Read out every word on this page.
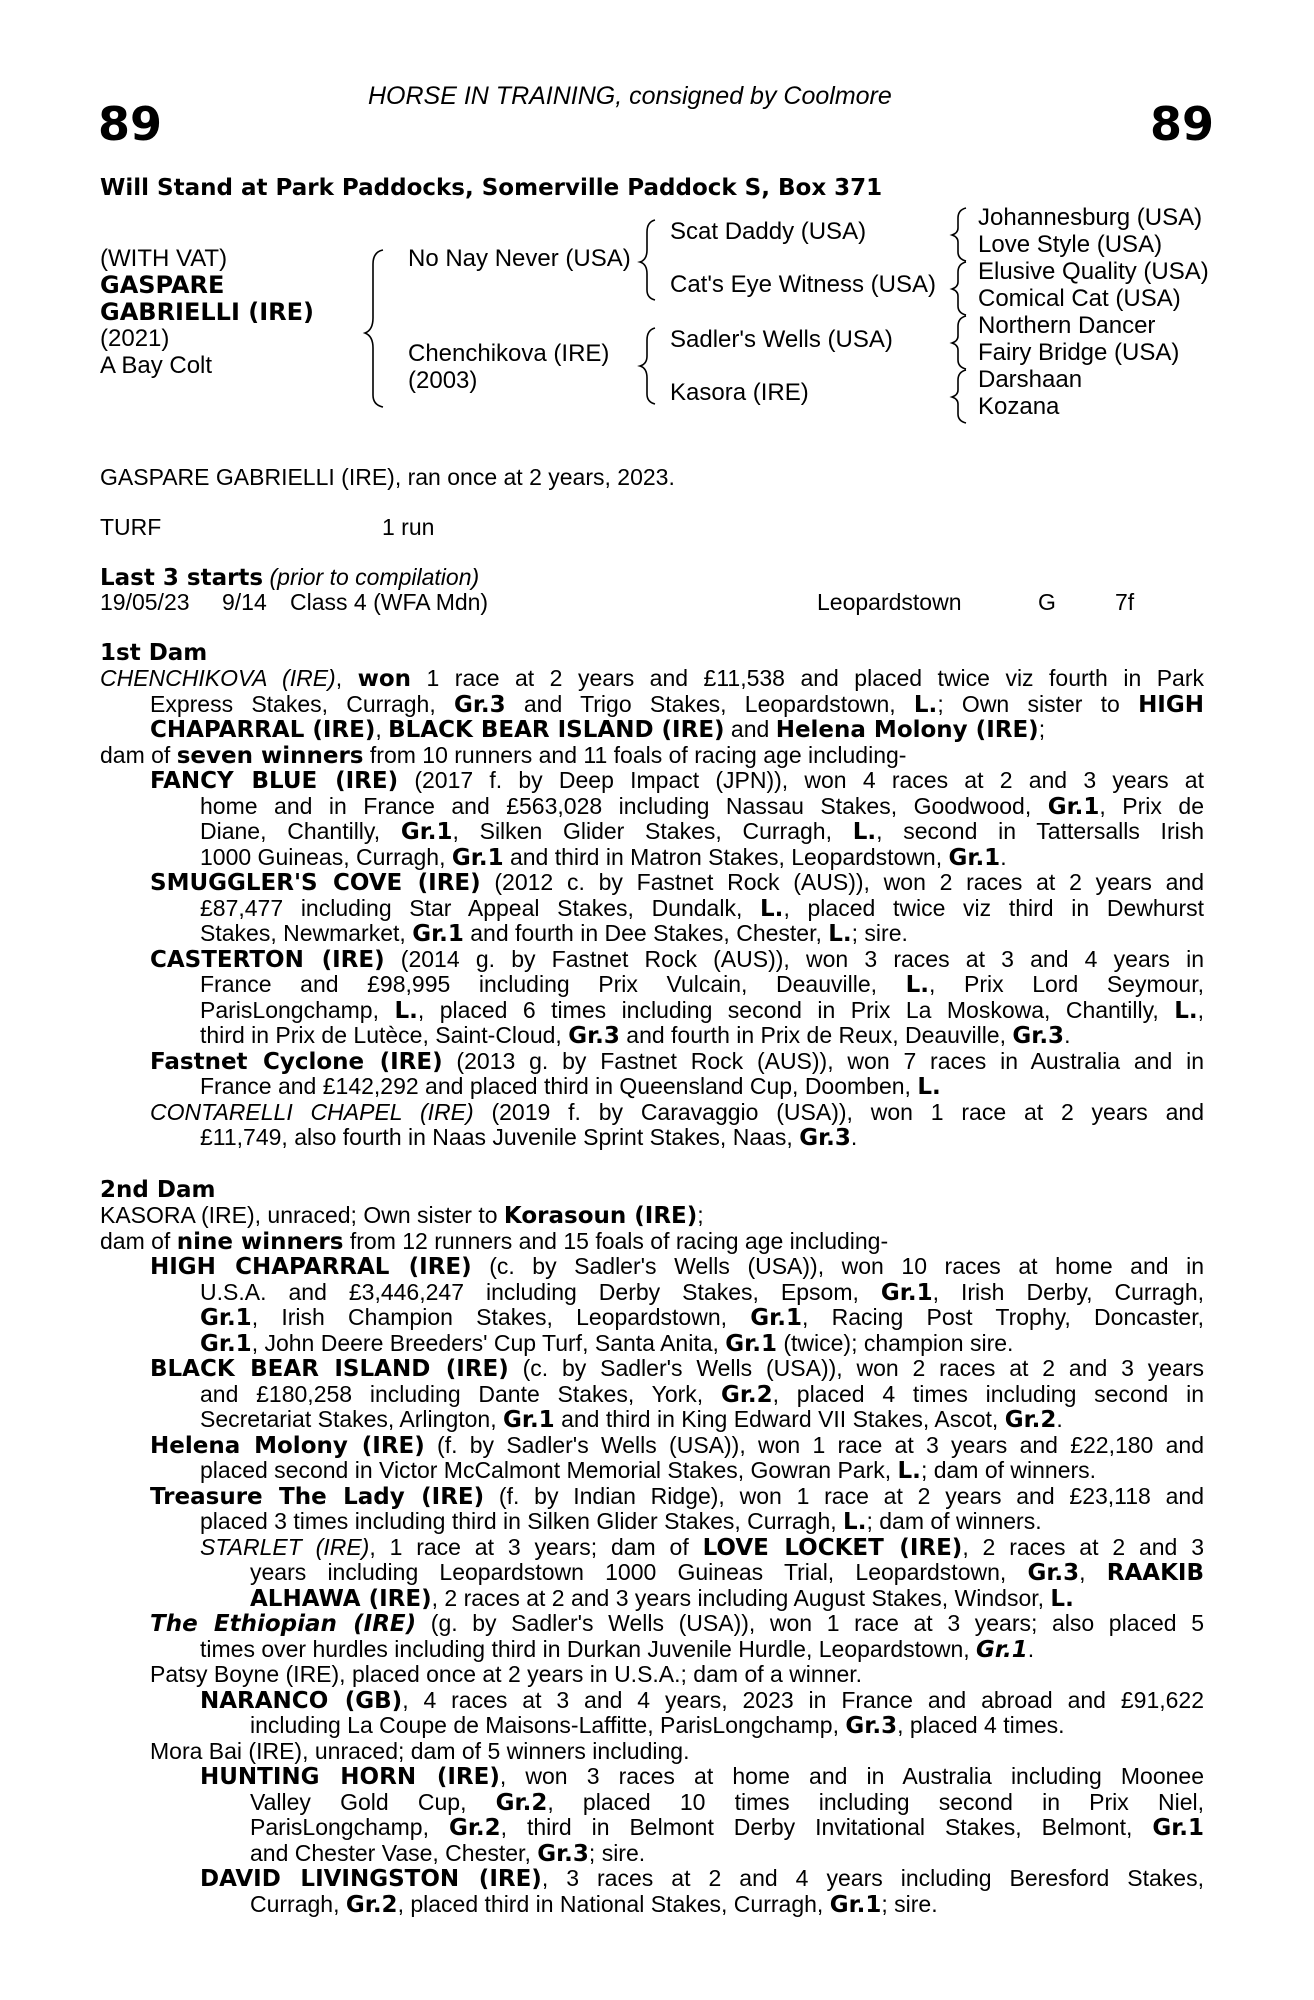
HORSE IN TRAINING, consigned by Coolmore
89	89
Will Stand at Park Paddocks, Somerville Paddock S, Box 371
(WITH VAT)
GASPARE
GABRIELLI (IRE)
(2021)
A Bay Colt
No Nay Never (USA)
Chenchikova (IRE)
(2003)
Scat Daddy (USA)
Cat's Eye Witness (USA)
Sadler's Wells (USA)
Kasora (IRE)
Johannesburg (USA)
Love Style (USA)
Elusive Quality (USA)
Comical Cat (USA)
Northern Dancer
Fairy Bridge (USA)
Darshaan
Kozana
GASPARE GABRIELLI (IRE), ran once at 2 years, 2023.
TURF	1 run
Last 3 starts (prior to compilation)
19/05/23 9/14 Class 4 (WFA Mdn)	Leopardstown	G	7f
1st Dam
CHENCHIKOVA (IRE), won 1 race at 2 years and £11,538 and placed twice viz fourth in Park
Express Stakes, Curragh, Gr.3 and Trigo Stakes, Leopardstown, L.; Own sister to HIGH
CHAPARRAL (IRE), BLACK BEAR ISLAND (IRE) and Helena Molony (IRE);
dam of seven winners from 10 runners and 11 foals of racing age including-
FANCY BLUE (IRE) (2017 f. by Deep Impact (JPN)), won 4 races at 2 and 3 years at
home and in France and £563,028 including Nassau Stakes, Goodwood, Gr.1, Prix de
Diane, Chantilly, Gr.1, Silken Glider Stakes, Curragh, L., second in Tattersalls Irish
1000 Guineas, Curragh, Gr.1 and third in Matron Stakes, Leopardstown, Gr.1.
SMUGGLER'S COVE (IRE) (2012 c. by Fastnet Rock (AUS)), won 2 races at 2 years and
£87,477 including Star Appeal Stakes, Dundalk, L., placed twice viz third in Dewhurst
Stakes, Newmarket, Gr.1 and fourth in Dee Stakes, Chester, L.; sire.
CASTERTON (IRE) (2014 g. by Fastnet Rock (AUS)), won 3 races at 3 and 4 years in
France and £98,995 including Prix Vulcain, Deauville, L., Prix Lord Seymour,
ParisLongchamp, L., placed 6 times including second in Prix La Moskowa, Chantilly, L.,
third in Prix de Lutèce, Saint-Cloud, Gr.3 and fourth in Prix de Reux, Deauville, Gr.3.
Fastnet Cyclone (IRE) (2013 g. by Fastnet Rock (AUS)), won 7 races in Australia and in
France and £142,292 and placed third in Queensland Cup, Doomben, L.
CONTARELLI CHAPEL (IRE) (2019 f. by Caravaggio (USA)), won 1 race at 2 years and
£11,749, also fourth in Naas Juvenile Sprint Stakes, Naas, Gr.3.
2nd Dam
KASORA (IRE), unraced; Own sister to Korasoun (IRE);
dam of nine winners from 12 runners and 15 foals of racing age including-
HIGH CHAPARRAL (IRE) (c. by Sadler's Wells (USA)), won 10 races at home and in
U.S.A. and £3,446,247 including Derby Stakes, Epsom, Gr.1, Irish Derby, Curragh,
Gr.1, Irish Champion Stakes, Leopardstown, Gr.1, Racing Post Trophy, Doncaster,
Gr.1, John Deere Breeders' Cup Turf, Santa Anita, Gr.1 (twice); champion sire.
BLACK BEAR ISLAND (IRE) (c. by Sadler's Wells (USA)), won 2 races at 2 and 3 years
and £180,258 including Dante Stakes, York, Gr.2, placed 4 times including second in
Secretariat Stakes, Arlington, Gr.1 and third in King Edward VII Stakes, Ascot, Gr.2.
Helena Molony (IRE) (f. by Sadler's Wells (USA)), won 1 race at 3 years and £22,180 and
placed second in Victor McCalmont Memorial Stakes, Gowran Park, L.; dam of winners.
Treasure The Lady (IRE) (f. by Indian Ridge), won 1 race at 2 years and £23,118 and
placed 3 times including third in Silken Glider Stakes, Curragh, L.; dam of winners.
STARLET (IRE), 1 race at 3 years; dam of LOVE LOCKET (IRE), 2 races at 2 and 3
years including Leopardstown 1000 Guineas Trial, Leopardstown, Gr.3, RAAKIB
ALHAWA (IRE), 2 races at 2 and 3 years including August Stakes, Windsor, L.
The Ethiopian (IRE) (g. by Sadler's Wells (USA)), won 1 race at 3 years; also placed 5
times over hurdles including third in Durkan Juvenile Hurdle, Leopardstown, Gr.1.
Patsy Boyne (IRE), placed once at 2 years in U.S.A.; dam of a winner.
NARANCO (GB), 4 races at 3 and 4 years, 2023 in France and abroad and £91,622
including La Coupe de Maisons-Laffitte, ParisLongchamp, Gr.3, placed 4 times.
Mora Bai (IRE), unraced; dam of 5 winners including.
HUNTING HORN (IRE), won 3 races at home and in Australia including Moonee
Valley Gold Cup, Gr.2, placed 10 times including second in Prix Niel,
ParisLongchamp, Gr.2, third in Belmont Derby Invitational Stakes, Belmont, Gr.1
and Chester Vase, Chester, Gr.3; sire.
DAVID LIVINGSTON (IRE), 3 races at 2 and 4 years including Beresford Stakes,
Curragh, Gr.2, placed third in National Stakes, Curragh, Gr.1; sire.
